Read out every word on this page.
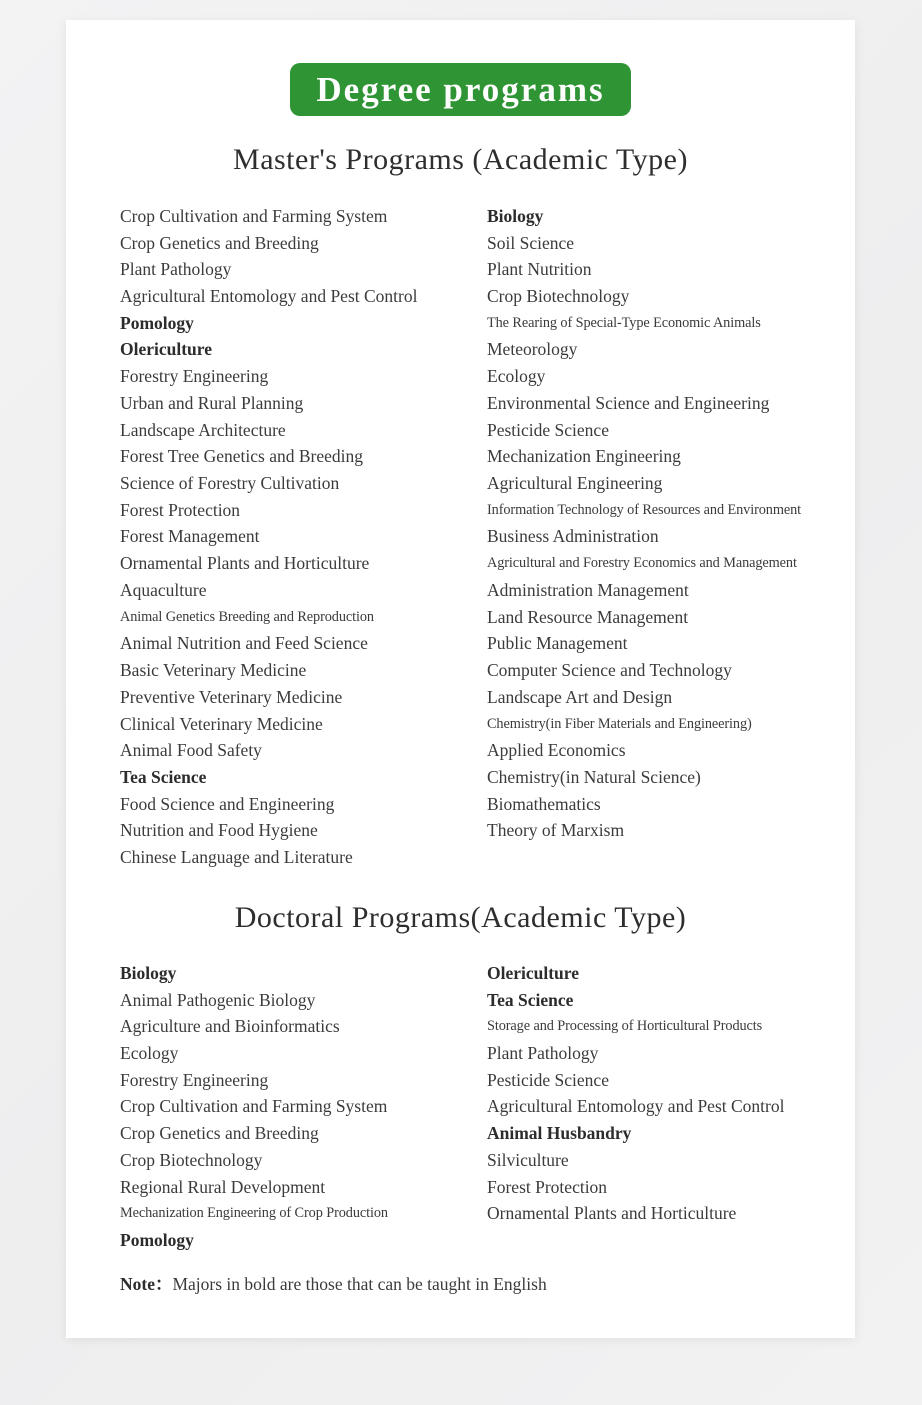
Degree programs
Master's Programs (Academic Type)
Crop Cultivation and Farming System
Crop Genetics and Breeding
Plant Pathology
Agricultural Entomology and Pest Control
Pomology
Olericulture
Forestry Engineering
Urban and Rural Planning
Landscape Architecture
Forest Tree Genetics and Breeding
Science of Forestry Cultivation
Forest Protection
Forest Management
Ornamental Plants and Horticulture
Aquaculture
Animal Genetics Breeding and Reproduction
Animal Nutrition and Feed Science
Basic Veterinary Medicine
Preventive Veterinary Medicine
Clinical Veterinary Medicine
Animal Food Safety
Tea Science
Food Science and Engineering
Nutrition and Food Hygiene
Chinese Language and Literature
Biology
Soil Science
Plant Nutrition
Crop Biotechnology
The Rearing of Special-Type Economic Animals
Meteorology
Ecology
Environmental Science and Engineering
Pesticide Science
Mechanization Engineering
Agricultural Engineering
Information Technology of Resources and Environment
Business Administration
Agricultural and Forestry Economics and Management
Administration Management
Land Resource Management
Public Management
Computer Science and Technology
Landscape Art and Design
Chemistry(in Fiber Materials and Engineering)
Applied Economics
Chemistry(in Natural Science)
Biomathematics
Theory of Marxism
Doctoral Programs(Academic Type)
Biology
Animal Pathogenic Biology
Agriculture and Bioinformatics
Ecology
Forestry Engineering
Crop Cultivation and Farming System
Crop Genetics and Breeding
Crop Biotechnology
Regional Rural Development
Mechanization Engineering of Crop Production
Pomology
Olericulture
Tea Science
Storage and Processing of Horticultural Products
Plant Pathology
Pesticide Science
Agricultural Entomology and Pest Control
Animal Husbandry
Silviculture
Forest Protection
Ornamental Plants and Horticulture

Note：Majors in bold are those that can be taught in English
